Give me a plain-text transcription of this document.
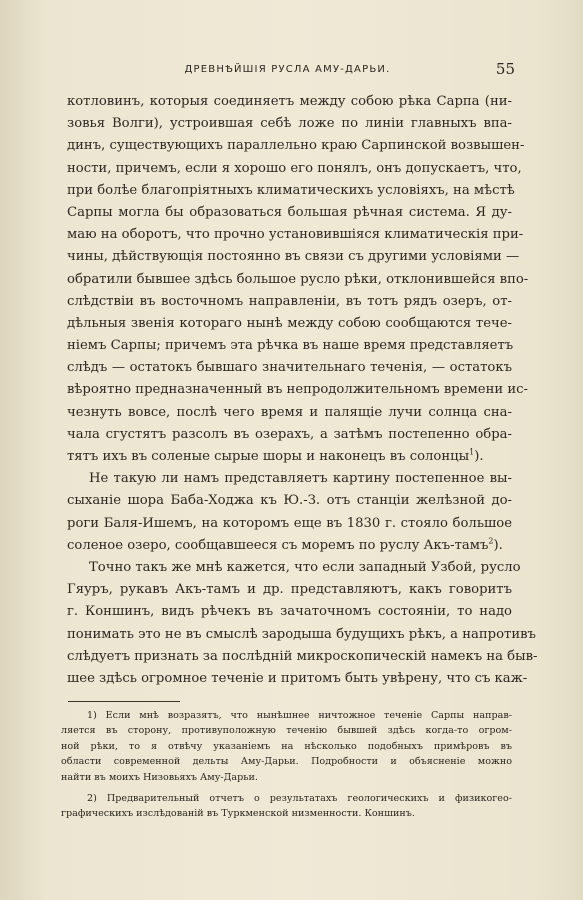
ДРЕВНѢЙШІЯ РУСЛА АМУ-ДАРЬИ.	55
котловинъ, которыя соединяетъ между собою рѣка Сарпа (ни-
зовья Волги), устроившая себѣ ложе по линіи главныхъ впа-
динъ, существующихъ параллельно краю Сарпинской возвышен-
ности, причемъ, если я хорошо его понялъ, онъ допускаетъ, что,
при болѣе благопріятныхъ климатическихъ условіяхъ, на мѣстѣ
Сарпы могла бы образоваться большая рѣчная система. Я ду-
маю на оборотъ, что прочно установившіяся климатическія при-
чины, дѣйствующія постоянно въ связи съ другими условіями —
обратили бывшее здѣсь большое русло рѣки, отклонившейся впо-
слѣдствіи въ восточномъ направленіи, въ тотъ рядъ озеръ, от-
дѣльныя звенія котораго нынѣ между собою сообщаются тече-
ніемъ Сарпы; причемъ эта рѣчка въ наше время представляетъ
слѣдъ — остатокъ бывшаго значительнаго теченія, — остатокъ
вѣроятно предназначенный въ непродолжительномъ времени ис-
чезнуть вовсе, послѣ чего время и палящіе лучи солнца сна-
чала сгустятъ разсолъ въ озерахъ, а затѣмъ постепенно обра-
тятъ ихъ въ соленые сырые шоры и наконецъ въ солонцы$^1$).
Не такую ли намъ представляетъ картину постепенное вы-
сыханіе шора Баба-Ходжа къ Ю.-З. отъ станціи желѣзной до-
роги Баля-Ишемъ, на которомъ еще въ 1830 г. стояло большое
соленое озеро, сообщавшееся съ моремъ по руслу Акъ-тамъ$^2$).
Точно такъ же мнѣ кажется, что если западный Узбой, русло
Гяуръ, рукавъ Акъ-тамъ и др. представляютъ, какъ говоритъ
г. Коншинъ, видъ рѣчекъ въ зачаточномъ состояніи, то надо
понимать это не въ смыслѣ зародыша будущихъ рѣкъ, а напротивъ
слѣдуетъ признать за послѣдній микроскопическій намекъ на быв-
шее здѣсь огромное теченіе и притомъ быть увѣрену, что съ каж-
1) Если мнѣ возразятъ, что нынѣшнее ничтожное теченіе Сарпы направ-
ляется въ сторону, противуположную теченію бывшей здѣсь когда-то огром-
ной рѣки, то я отвѣчу указаніемъ на нѣсколько подобныхъ примѣровъ въ
области современной дельты Аму-Дарьи. Подробности и объясненіе можно
найти въ моихъ Низовьяхъ Аму-Дарьи.
2) Предварительный отчетъ о результатахъ геологическихъ и физикогео-
графическихъ изслѣдованій въ Туркменской низменности. Коншинъ.
